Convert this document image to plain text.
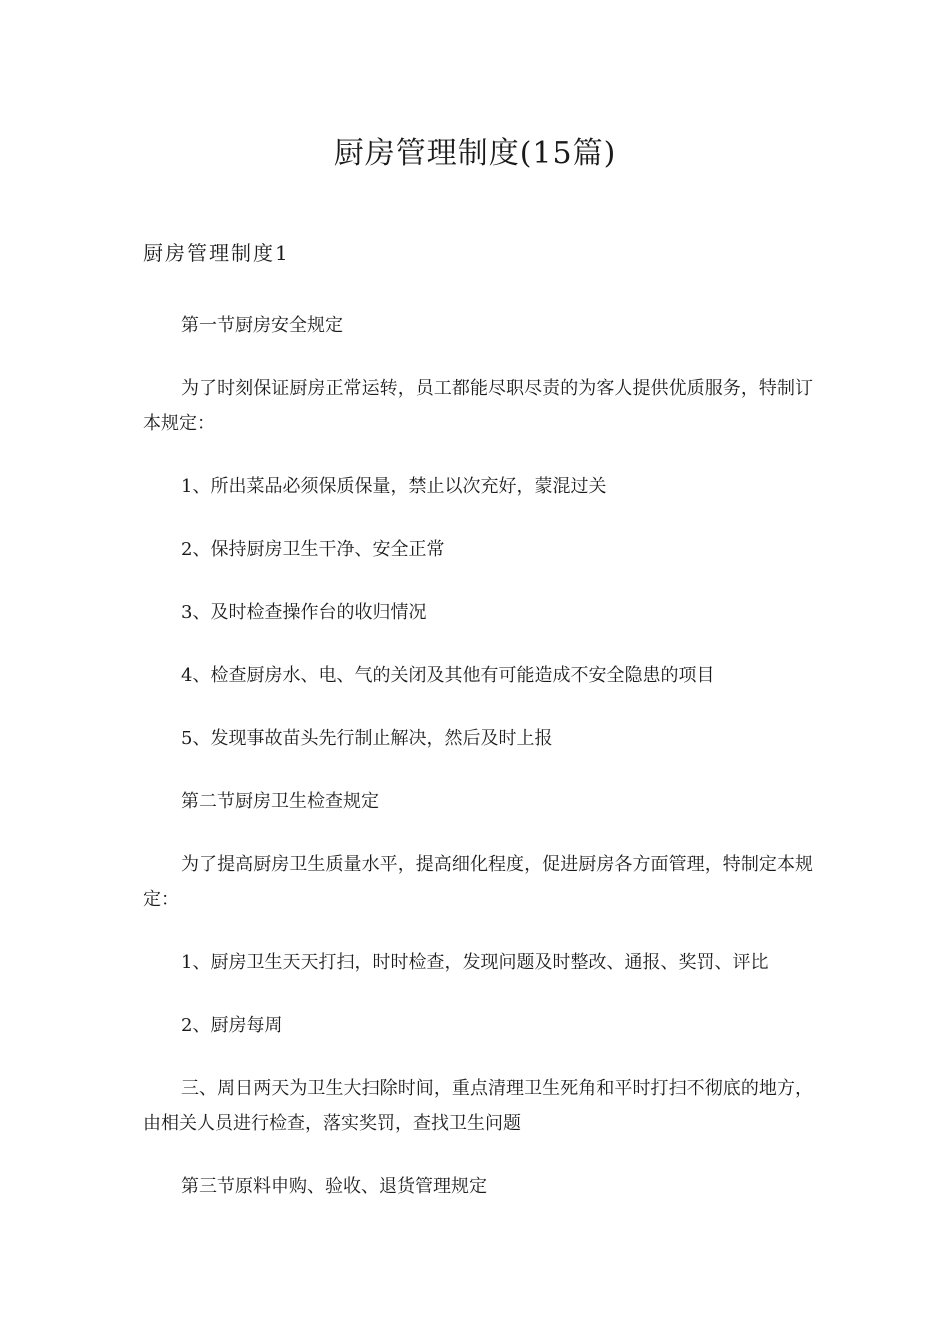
厨房管理制度(15篇)
厨房管理制度1

第一节厨房安全规定

为了时刻保证厨房正常运转，员工都能尽职尽责的为客人提供优质服务，特制订本规定：

1、所出菜品必须保质保量，禁止以次充好，蒙混过关

2、保持厨房卫生干净、安全正常

3、及时检查操作台的收归情况

4、检查厨房水、电、气的关闭及其他有可能造成不安全隐患的项目

5、发现事故苗头先行制止解决，然后及时上报

第二节厨房卫生检查规定

为了提高厨房卫生质量水平，提高细化程度，促进厨房各方面管理，特制定本规定：

1、厨房卫生天天打扫，时时检查，发现问题及时整改、通报、奖罚、评比

2、厨房每周

三、周日两天为卫生大扫除时间，重点清理卫生死角和平时打扫不彻底的地方，由相关人员进行检查，落实奖罚，查找卫生问题

第三节原料申购、验收、退货管理规定
